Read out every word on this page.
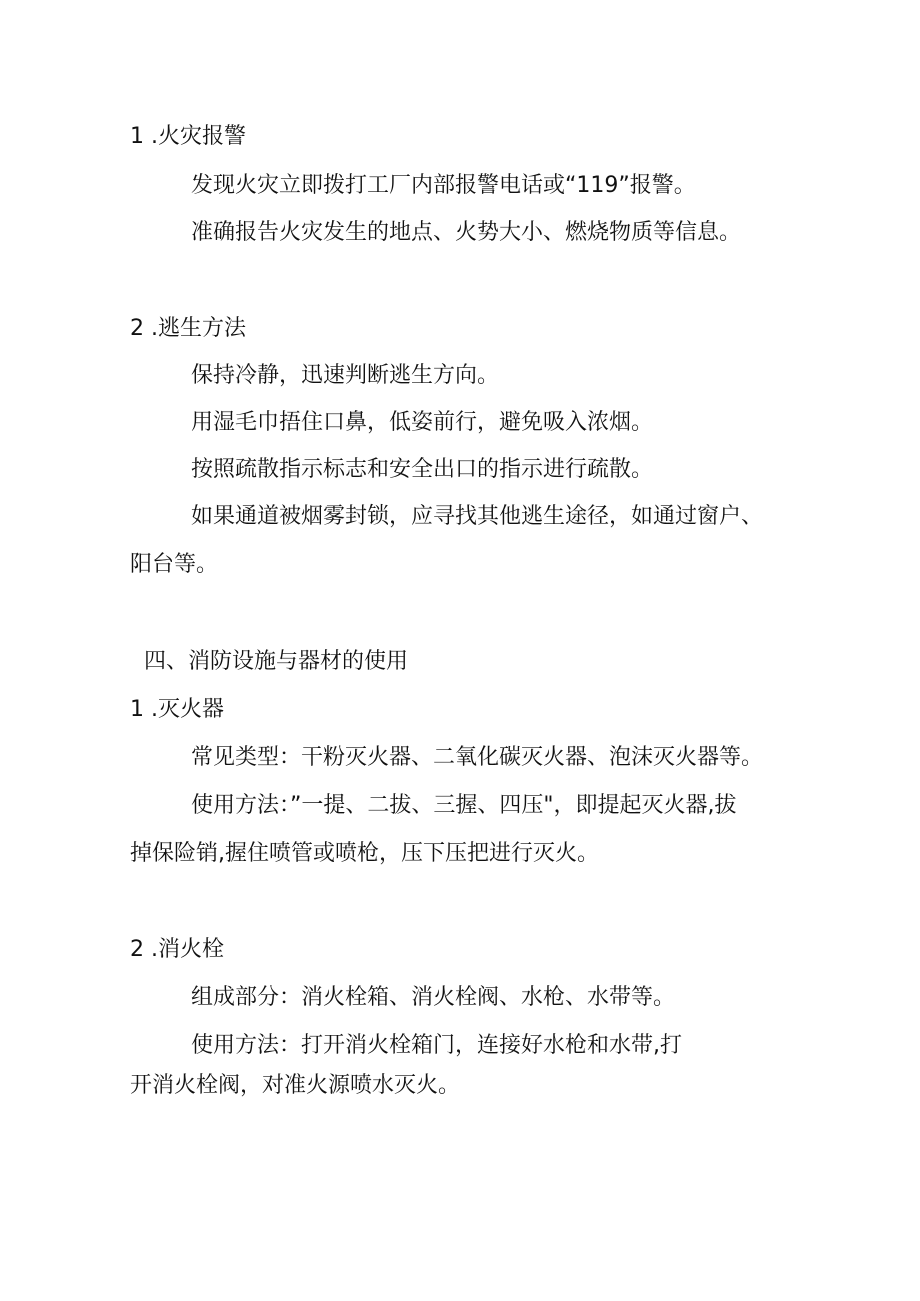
1 .火灾报警
发现火灾立即拨打工厂内部报警电话或“119”报警。
准确报告火灾发生的地点、火势大小、燃烧物质等信息。
2 .逃生方法
保持冷静，迅速判断逃生方向。
用湿毛巾捂住口鼻，低姿前行，避免吸入浓烟。
按照疏散指示标志和安全出口的指示进行疏散。
如果通道被烟雾封锁，应寻找其他逃生途径，如通过窗户、
阳台等。
四、消防设施与器材的使用
1 .灭火器
常见类型：干粉灭火器、二氧化碳灭火器、泡沫灭火器等。
使用方法：”一提、二拔、三握、四压"，即提起灭火器,拔
掉保险销,握住喷管或喷枪，压下压把进行灭火。
2 .消火栓
组成部分：消火栓箱、消火栓阀、水枪、水带等。
使用方法：打开消火栓箱门，连接好水枪和水带,打
开消火栓阀，对准火源喷水灭火。
